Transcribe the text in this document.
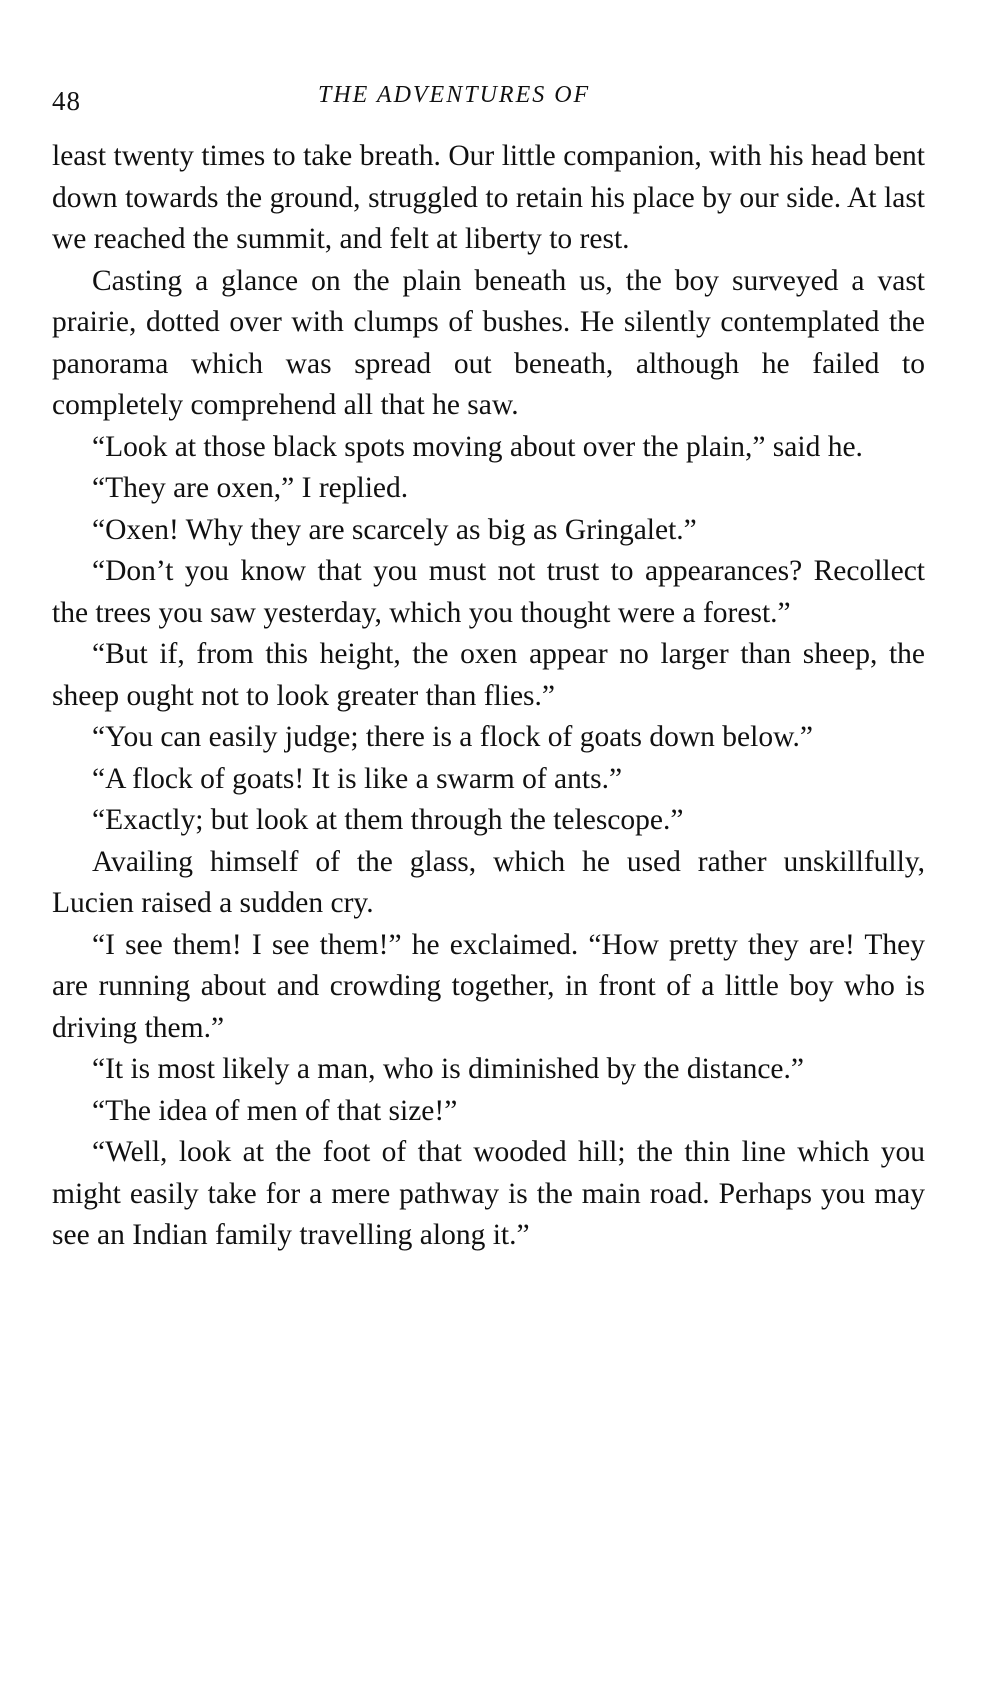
48	THE ADVENTURES OF

least twenty times to take breath. Our little companion, with his head bent down towards the ground, struggled to retain his place by our side. At last we reached the summit, and felt at liberty to rest.

Casting a glance on the plain beneath us, the boy surveyed a vast prairie, dotted over with clumps of bushes. He silently contemplated the panorama which was spread out beneath, although he failed to completely comprehend all that he saw.

“Look at those black spots moving about over the plain,” said he.

“They are oxen,” I replied.

“Oxen! Why they are scarcely as big as Gringalet.”

“Don’t you know that you must not trust to appearances? Recollect the trees you saw yesterday, which you thought were a forest.”

“But if, from this height, the oxen appear no larger than sheep, the sheep ought not to look greater than flies.”

“You can easily judge; there is a flock of goats down below.”

“A flock of goats! It is like a swarm of ants.”

“Exactly; but look at them through the telescope.”

Availing himself of the glass, which he used rather unskillfully, Lucien raised a sudden cry.

“I see them! I see them!” he exclaimed. “How pretty they are! They are running about and crowding together, in front of a little boy who is driving them.”

“It is most likely a man, who is diminished by the distance.”

“The idea of men of that size!”

“Well, look at the foot of that wooded hill; the thin line which you might easily take for a mere pathway is the main road. Perhaps you may see an Indian family travelling along it.”
